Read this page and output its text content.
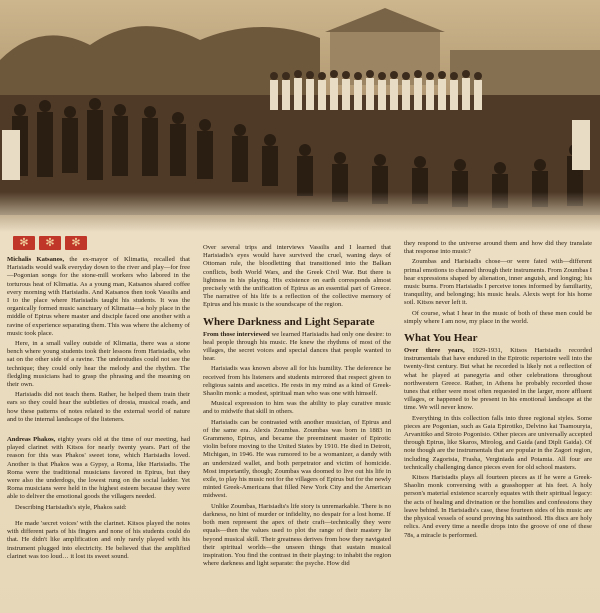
✻
✻
✻

Michalis Katsanos, the ex-mayor of Klimatia, recalled that Harisiadis would walk everyday down to the river and play—for free—Pogonian songs for the stone-mill workers who labored in the torturous heat of Klimatia. As a young man, Katsanos shared coffee every morning with Harisiadis. And Katsanos then took Vassilis and I to the place where Harisiadis taught his students. It was the organically formed music sanctuary of Klimatia—a holy place in the middle of Epirus where master and disciple faced one another with a ravine of experience separating them. This was where the alchemy of music took place.

Here, in a small valley outside of Klimatia, there was a stone bench where young students took their lessons from Harisiadis, who sat on the other side of a ravine. The understudies could not see the technique; they could only hear the melody and the rhythm. The fledgling musicians had to grasp the phrasing and the meaning on their own.

Harisiadis did not teach them. Rather, he helped them train their ears so they could hear the subtleties of drosia, musical roads, and how these patterns of notes related to the external world of nature and to the internal landscape of the listeners.

Andreas Phakos, eighty years old at the time of our meeting, had played clarinet with Kitsos for nearly twenty years. Part of the reason for this was Phakos' sweet tone, which Harisiadis loved. Another is that Phakos was a Gypsy, a Roma, like Harisiadis. The Roma were the traditional musicians favored in Epirus, but they were also the underdogs, the lowest rung on the social ladder. Yet Roma musicians were held in the highest esteem because they were able to deliver the emotional goods the villagers needed.

Describing Harisiadis's style, Phakos said:

He made 'secret voices' with the clarinet. Kitsos played the notes with different parts of his fingers and none of his students could do that. He didn't like amplification and only rarely played with his instrument plugged into electricity. He believed that the amplified clarinet was too loud… it lost its sweet sound.

Over several trips and interviews Vassilis and I learned that Harisiadis's eyes would have survived the cruel, waning days of Ottoman rule, the bloodletting that transitioned into the Balkan conflicts, both World Wars, and the Greek Civil War. But there is lightness in his playing. His existence on earth corresponds almost precisely with the unification of Epirus as an essential part of Greece. The narrative of his life is a reflection of the collective memory of Epirus and his music is the soundscape of the region.

Where Darkness and Light Separate

From those interviewed we learned Harisiadis had only one desire: to heal people through his music. He knew the rhythms of most of the villages, the secret voices and special dances that people wanted to hear.

Harisiadis was known above all for his humility. The deference he received from his listeners and students mirrored that respect given to religious saints and ascetics. He rests in my mind as a kind of Greek-Shaolin monk: a modest, spiritual man who was one with himself.

Musical expression to him was the ability to play curative music and to midwife that skill in others.

Harisiadis can be contrasted with another musician, of Epirus and of the same era. Alexis Zoumbas. Zoumbas was born in 1883 in Grammeno, Epirus, and became the preeminent master of Epirotic violin before moving to the United States by 1910. He died in Detroit, Michigan, in 1946. He was rumored to be a womanizer, a dandy with an undersized wallet, and both perpetrator and victim of homicide. Most importantly, though; Zoumbas was doomed to live out his life in exile, to play his music not for the villagers of Epirus but for the newly minted Greek-Americans that filled New York City and the American midwest.

Unlike Zoumbas, Harisiadis's life story is unremarkable. There is no darkness, no hint of murder or infidelity, no despair for a lost home. If both men represent the apex of their craft—technically they were equals—then the values used to plot the range of their mastery lie beyond musical skill. Their greatness derives from how they navigated their spiritual worlds—the unseen things that sustain musical inspiration. You find the contrast in their playing: to inhabit the region where darkness and light separate: the psyche. How did

they respond to the universe around them and how did they translate that response into music?

Zoumbas and Harisiadis chose—or were fated with—different primal emotions to channel through their instruments. From Zoumbas I hear expressions shaped by alienation, inner anguish, and longing; his music burns. From Harisiadis I perceive tones informed by familiarity, tranquility, and belonging; his music heals. Alexis wept for his home soil. Kitsos never left it.

Of course, what I hear in the music of both of these men could be simply where I am now, my place in the world.

What You Hear

Over three years, 1929-1931, Kitsos Harisiadis recorded instrumentals that have endured in the Epirotic repertoire well into the twenty-first century. But what he recorded is likely not a reflection of what he played at panegyria and other celebrations throughout northwestern Greece. Rather, in Athens he probably recorded those tunes that either were most often requested in the larger, more affluent villages, or happened to be present in his emotional landscape at the time. We will never know.

Everything in this collection falls into three regional styles. Some pieces are Pogonian, such as Gaia Epirotiko, Delvino kai Tsamouryia, Arvanitiko and Stroto Pogonisio. Other pieces are universally accepted through Epirus, like Skaros, Mirolog, and Gaida (and Dipli Gaida). Of note though are the instrumentals that are popular in the Zagori region, including Zagorisia, Frasha, Verginiada and Potamia. All four are technically challenging dance pieces even for old school masters.

Kitsos Harisiadis plays all fourteen pieces as if he were a Greek-Shaolin monk conversing with a grasshopper at his feet. A holy person's material existence scarcely equates with their spiritual legacy: the acts of healing and divination or the homilies and confessions they leave behind. In Harisiadis's case, these fourteen sides of his music are the physical vessels of sound proving his sainthood. His discs are holy relics. And every time a needle drops into the groove of one of these 78s, a miracle is performed.
